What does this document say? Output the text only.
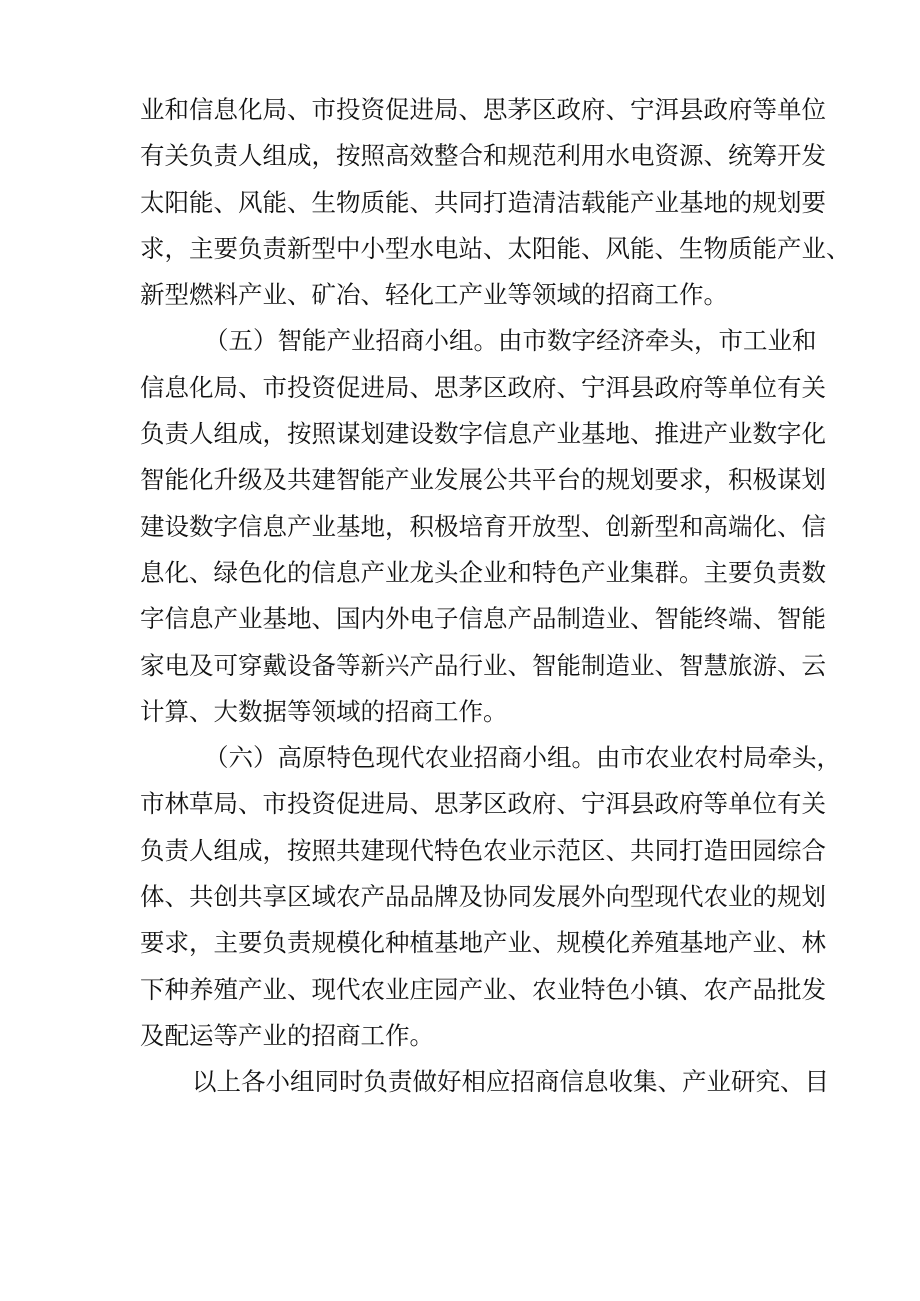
业和信息化局、市投资促进局、思茅区政府、宁洱县政府等单位
有关负责人组成，按照高效整合和规范利用水电资源、统筹开发
太阳能、风能、生物质能、共同打造清洁载能产业基地的规划要
求，主要负责新型中小型水电站、太阳能、风能、生物质能产业、
新型燃料产业、矿冶、轻化工产业等领域的招商工作。
（五）智能产业招商小组。由市数字经济牵头，市工业和
信息化局、市投资促进局、思茅区政府、宁洱县政府等单位有关
负责人组成，按照谋划建设数字信息产业基地、推进产业数字化
智能化升级及共建智能产业发展公共平台的规划要求，积极谋划
建设数字信息产业基地，积极培育开放型、创新型和高端化、信
息化、绿色化的信息产业龙头企业和特色产业集群。主要负责数
字信息产业基地、国内外电子信息产品制造业、智能终端、智能
家电及可穿戴设备等新兴产品行业、智能制造业、智慧旅游、云
计算、大数据等领域的招商工作。
（六）高原特色现代农业招商小组。由市农业农村局牵头，
市林草局、市投资促进局、思茅区政府、宁洱县政府等单位有关
负责人组成，按照共建现代特色农业示范区、共同打造田园综合
体、共创共享区域农产品品牌及协同发展外向型现代农业的规划
要求，主要负责规模化种植基地产业、规模化养殖基地产业、林
下种养殖产业、现代农业庄园产业、农业特色小镇、农产品批发
及配运等产业的招商工作。
以上各小组同时负责做好相应招商信息收集、产业研究、目
